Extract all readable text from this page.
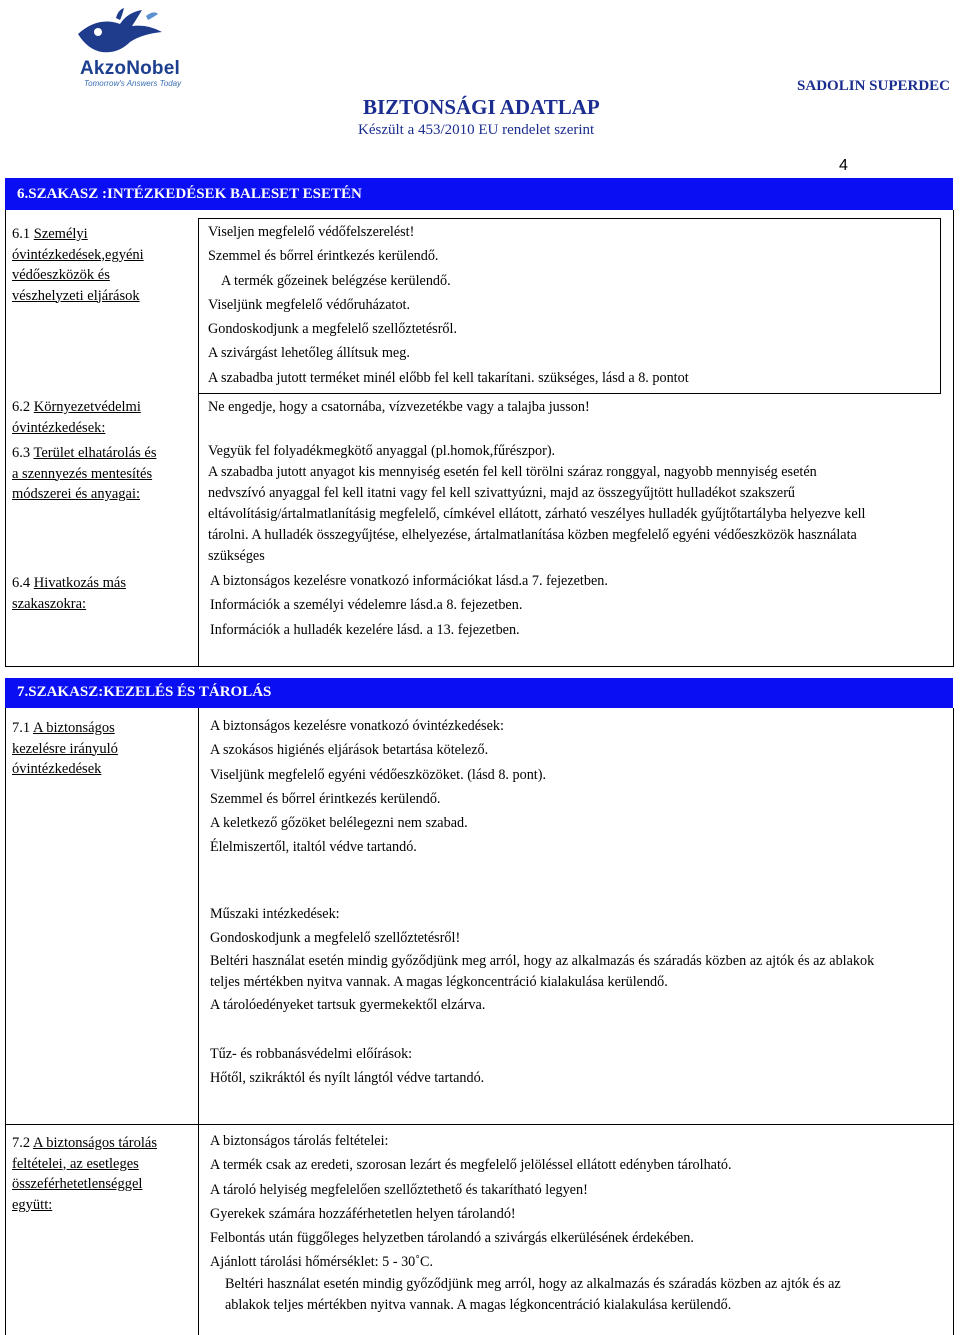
AkzoNobel
Tomorrow's Answers Today
BIZTONSÁGI ADATLAP
Készült a 453/2010 EU rendelet szerint
SADOLIN SUPERDEC
4
6.SZAKASZ :INTÉZKEDÉSEK BALESET ESETÉN
6.1 Személyi
óvintézkedések,egyéni
védőeszközök és
vészhelyzeti eljárások
Viseljen megfelelő védőfelszerelést!
Szemmel és bőrrel érintkezés kerülendő.
A termék gőzeinek belégzése kerülendő.
Viseljünk megfelelő védőruházatot.
Gondoskodjunk a megfelelő szellőztetésről.
A szivárgást lehetőleg állítsuk meg.
A szabadba jutott terméket minél előbb fel kell takarítani. szükséges, lásd a 8. pontot
6.2 Környezetvédelmi
óvintézkedések:
Ne engedje, hogy a csatornába, vízvezetékbe vagy a talajba jusson!
6.3 Terület elhatárolás és
a szennyezés mentesítés
módszerei és anyagai:
Vegyük fel folyadékmegkötő anyaggal (pl.homok,fűrészpor).
A szabadba jutott anyagot kis mennyiség esetén fel kell törölni száraz ronggyal, nagyobb mennyiség esetén
nedvszívó anyaggal fel kell itatni vagy fel kell szivattyúzni, majd az összegyűjtött hulladékot szakszerű
eltávolításig/ártalmatlanításig megfelelő, címkével ellátott, zárható veszélyes hulladék gyűjtőtartályba helyezve kell
tárolni. A hulladék összegyűjtése, elhelyezése, ártalmatlanítása közben megfelelő egyéni védőeszközök használata
szükséges
6.4 Hivatkozás más
szakaszokra:
A biztonságos kezelésre vonatkozó információkat lásd.a 7. fejezetben.
Információk a személyi védelemre lásd.a 8. fejezetben.
Információk a hulladék kezelére lásd. a 13. fejezetben.
7.SZAKASZ:KEZELÉS ÉS TÁROLÁS
7.1 A biztonságos
kezelésre irányuló
óvintézkedések
A biztonságos kezelésre vonatkozó óvintézkedések:
A szokásos higiénés eljárások betartása kötelező.
Viseljünk megfelelő egyéni védőeszközöket. (lásd 8. pont).
Szemmel és bőrrel érintkezés kerülendő.
A keletkező gőzöket belélegezni nem szabad.
Élelmiszertől, italtól védve tartandó.
Műszaki intézkedések:
Gondoskodjunk a megfelelő szellőztetésről!
Beltéri használat esetén mindig győződjünk meg arról, hogy az alkalmazás és száradás közben az ajtók és az ablakok
teljes mértékben nyitva vannak. A magas légkoncentráció kialakulása kerülendő.
A tárolóedényeket tartsuk gyermekektől elzárva.
Tűz- és robbanásvédelmi előírások:
Hőtől, szikráktól és nyílt lángtól védve tartandó.
7.2 A biztonságos tárolás
feltételei, az esetleges
összeférhetetlenséggel
együtt:
A biztonságos tárolás feltételei:
A termék csak az eredeti, szorosan lezárt és megfelelő jelöléssel ellátott edényben tárolható.
A tároló helyiség megfelelően szellőztethető és takarítható legyen!
Gyerekek számára hozzáférhetetlen helyen tárolandó!
Felbontás után függőleges helyzetben tárolandó a szivárgás elkerülésének érdekében.
Ajánlott tárolási hőmérséklet: 5 - 30˚C.
Beltéri használat esetén mindig győződjünk meg arról, hogy az alkalmazás és száradás közben az ajtók és az
ablakok teljes mértékben nyitva vannak. A magas légkoncentráció kialakulása kerülendő.
